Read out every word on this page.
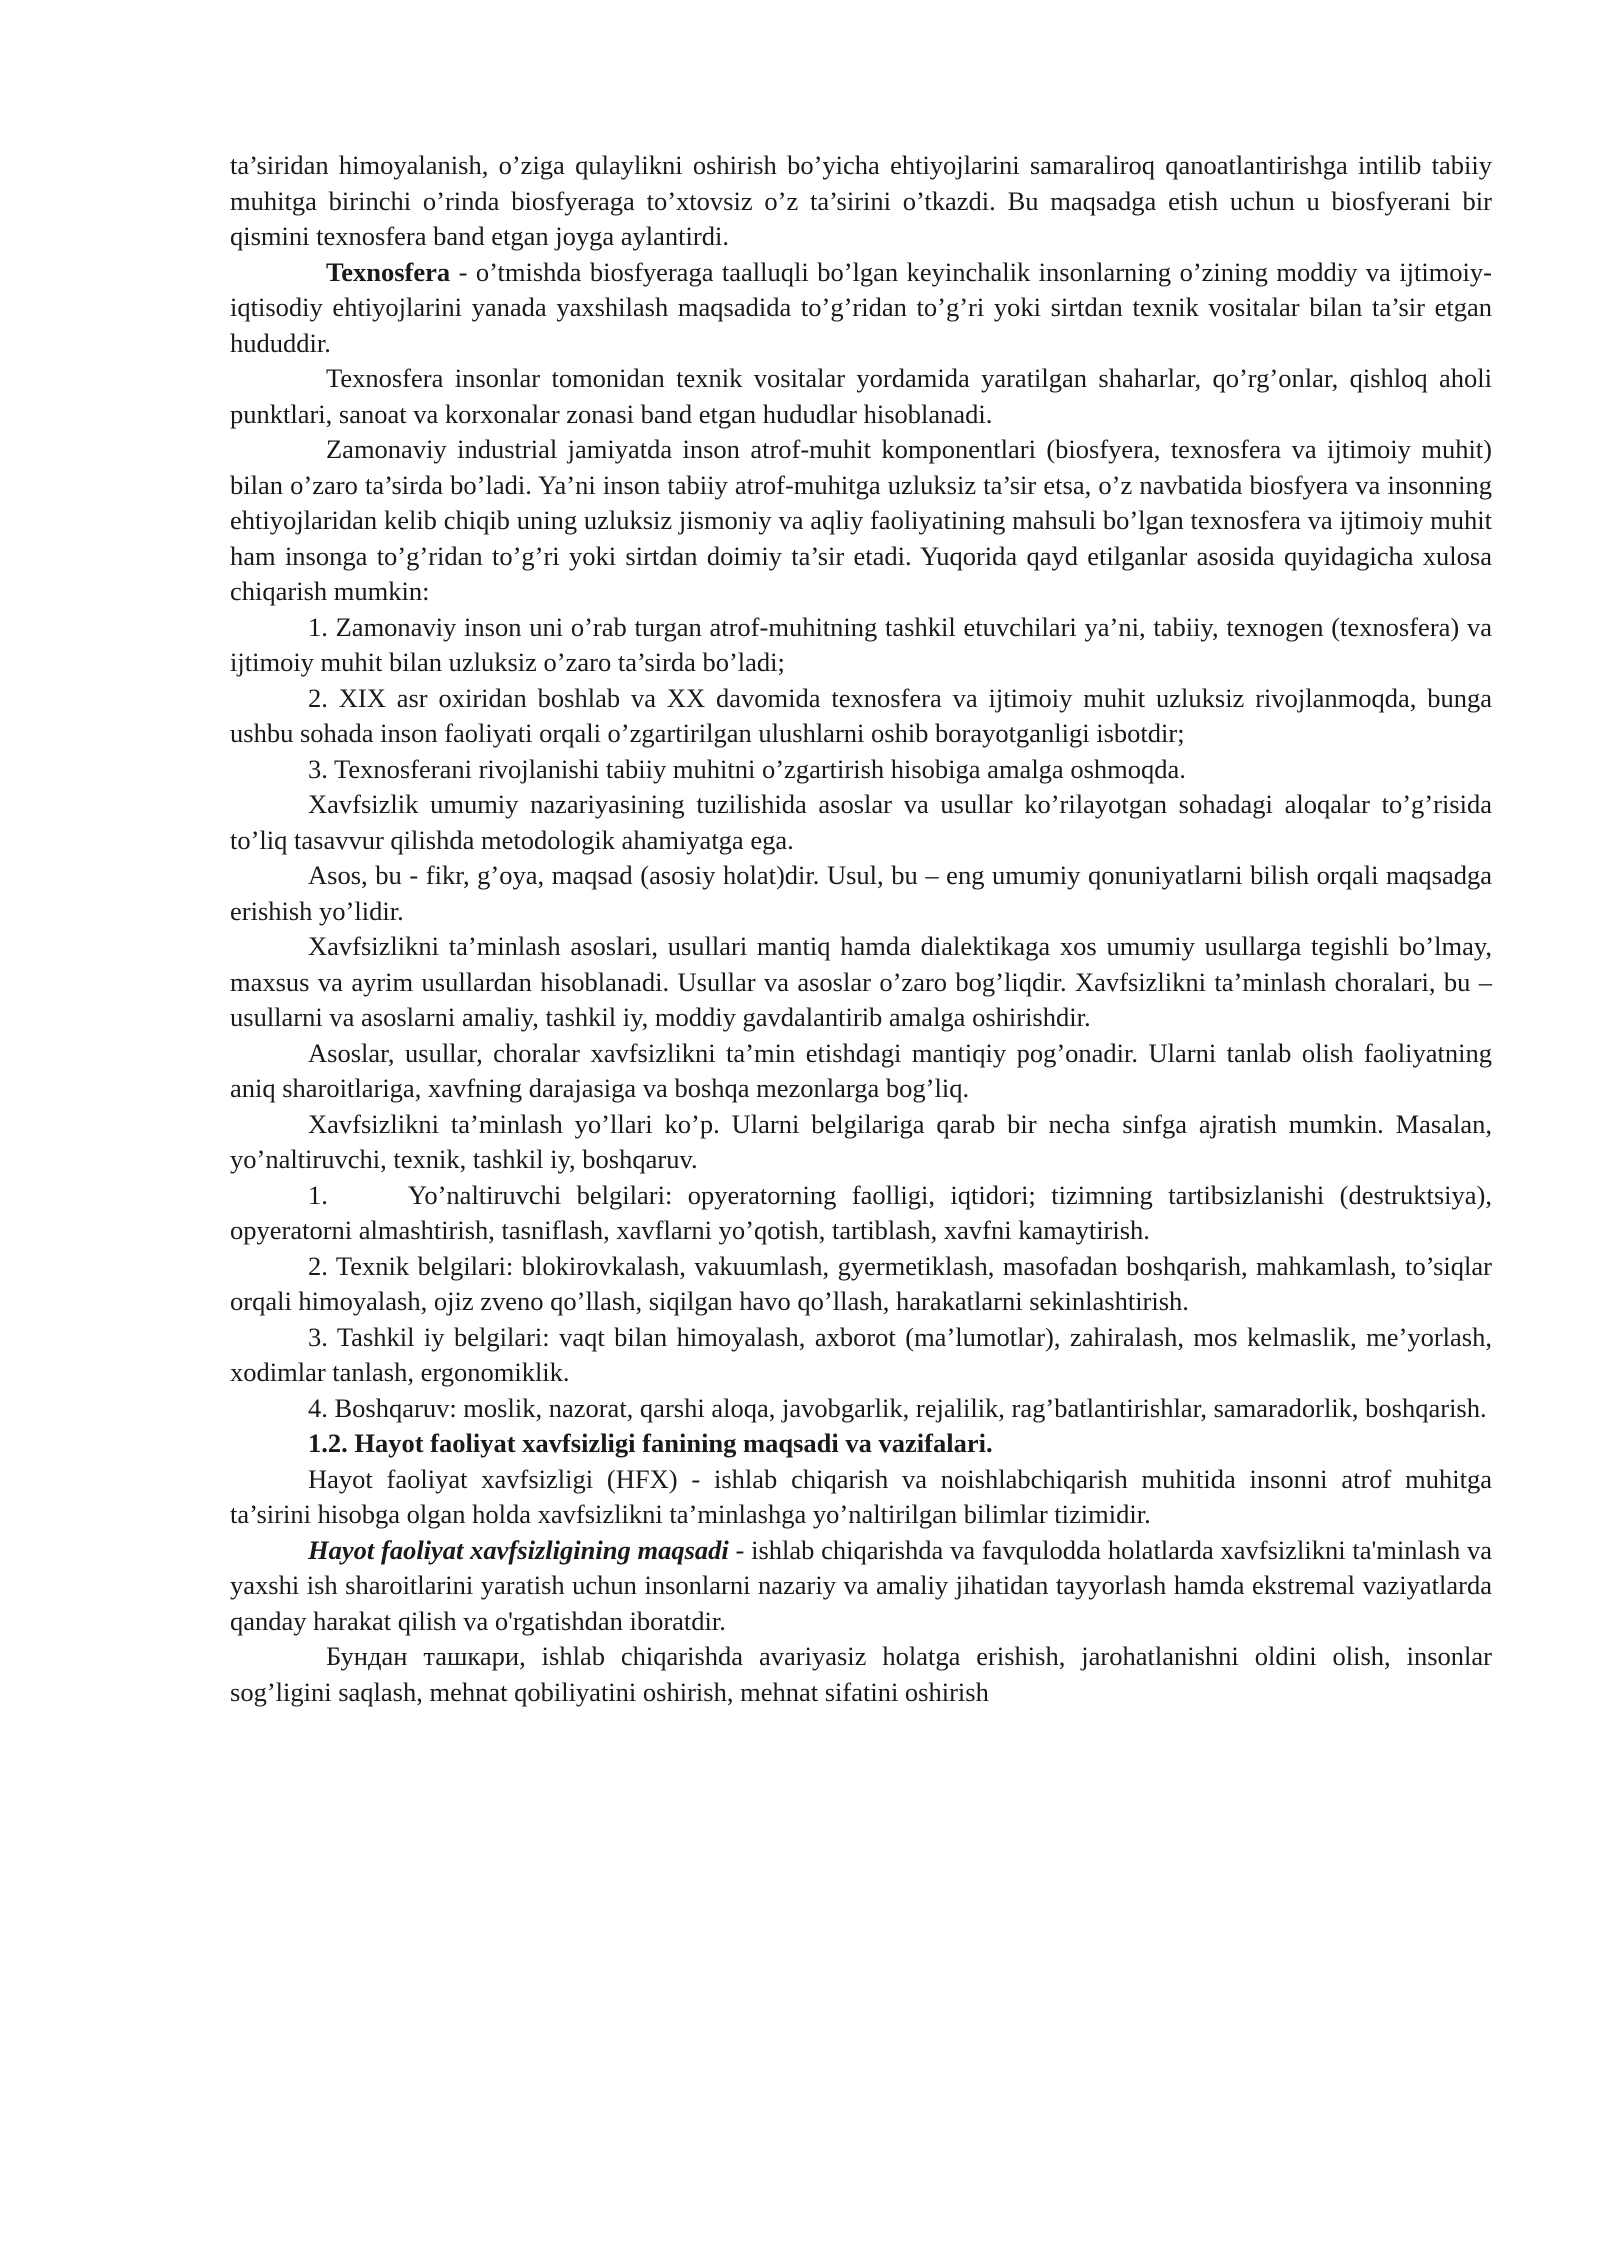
ta’siridan himoyalanish, o’ziga qulaylikni oshirish bo’yicha ehtiyojlarini samaraliroq qanoatlantirishga intilib tabiiy muhitga birinchi o’rinda biosfyeraga to’xtovsiz o’z ta’sirini o’tkazdi. Bu maqsadga etish uchun u biosfyerani bir qismini texnosfera band etgan joyga aylantirdi.

Texnosfera - o’tmishda biosfyeraga taalluqli bo’lgan keyinchalik insonlarning o’zining moddiy va ijtimoiy-iqtisodiy ehtiyojlarini yanada yaxshilash maqsadida to’g’ridan to’g’ri yoki sirtdan texnik vositalar bilan ta’sir etgan hududdir.

Texnosfera insonlar tomonidan texnik vositalar yordamida yaratilgan shaharlar, qo’rg’onlar, qishloq aholi punktlari, sanoat va korxonalar zonasi band etgan hududlar hisoblanadi.

Zamonaviy industrial jamiyatda inson atrof-muhit komponentlari (biosfyera, texnosfera va ijtimoiy muhit) bilan o’zaro ta’sirda bo’ladi. Ya’ni inson tabiiy atrof-muhitga uzluksiz ta’sir etsa, o’z navbatida biosfyera va insonning ehtiyojlaridan kelib chiqib uning uzluksiz jismoniy va aqliy faoliyatining mahsuli bo’lgan texnosfera va ijtimoiy muhit ham insonga to’g’ridan to’g’ri yoki sirtdan doimiy ta’sir etadi. Yuqorida qayd etilganlar asosida quyidagicha xulosa chiqarish mumkin:

1. Zamonaviy inson uni o’rab turgan atrof-muhitning tashkil etuvchilari ya’ni, tabiiy, texnogen (texnosfera) va ijtimoiy muhit bilan uzluksiz o’zaro ta’sirda bo’ladi;

2. XIX asr oxiridan boshlab va XX davomida texnosfera va ijtimoiy muhit uzluksiz rivojlanmoqda, bunga ushbu sohada inson faoliyati orqali o’zgartirilgan ulushlarni oshib borayotganligi isbotdir;

3. Texnosferani rivojlanishi tabiiy muhitni o’zgartirish hisobiga amalga oshmoqda.

Xavfsizlik umumiy nazariyasining tuzilishida asoslar va usullar ko’rilayotgan sohadagi aloqalar to’g’risida to’liq tasavvur qilishda metodologik ahamiyatga ega.

Asos, bu - fikr, g’oya, maqsad (asosiy holat)dir. Usul, bu – eng umumiy qonuniyatlarni bilish orqali maqsadga erishish yo’lidir.

Xavfsizlikni ta’minlash asoslari, usullari mantiq hamda dialektikaga xos umumiy usullarga tegishli bo’lmay, maxsus va ayrim usullardan hisoblanadi. Usullar va asoslar o’zaro bog’liqdir. Xavfsizlikni ta’minlash choralari, bu – usullarni va asoslarni amaliy, tashkil iy, moddiy gavdalantirib amalga oshirishdir.

Asoslar, usullar, choralar xavfsizlikni ta’min etishdagi mantiqiy pog’onadir. Ularni tanlab olish faoliyatning aniq sharoitlariga, xavfning darajasiga va boshqa mezonlarga bog’liq.

Xavfsizlikni ta’minlash yo’llari ko’p. Ularni belgilariga qarab bir necha sinfga ajratish mumkin. Masalan, yo’naltiruvchi, texnik, tashkil iy, boshqaruv.

1.	Yo’naltiruvchi belgilari: opyeratorning faolligi, iqtidori; tizimning tartibsizlanishi (destruktsiya), opyeratorni almashtirish, tasniflash, xavflarni yo’qotish, tartiblash, xavfni kamaytirish.

2. Texnik belgilari: blokirovkalash, vakuumlash, gyermetiklash, masofadan boshqarish, mahkamlash, to’siqlar orqali himoyalash, ojiz zveno qo’llash, siqilgan havo qo’llash, harakatlarni sekinlashtirish.

3. Tashkil iy belgilari: vaqt bilan himoyalash, axborot (ma’lumotlar), zahiralash, mos kelmaslik, me’yorlash, xodimlar tanlash, ergonomiklik.

4. Boshqaruv: moslik, nazorat, qarshi aloqa, javobgarlik, rejalilik, rag’batlantirishlar, samaradorlik, boshqarish.

1.2. Hayot faoliyat xavfsizligi fanining maqsadi va vazifalari.

Hayot faoliyat xavfsizligi (HFX) - ishlab chiqarish va noishlabchiqarish muhitida insonni atrof muhitga ta’sirini hisobga olgan holda xavfsizlikni ta’minlashga yo’naltirilgan bilimlar tizimidir.

Hayot faoliyat xavfsizligining maqsadi - ishlab chiqarishda va favqulodda holatlarda xavfsizlikni ta'minlash va yaxshi ish sharoitlarini yaratish uchun insonlarni nazariy va amaliy jihatidan tayyorlash hamda ekstremal vaziyatlarda qanday harakat qilish va o'rgatishdan iboratdir.

Бундан ташкари, ishlab chiqarishda avariyasiz holatga erishish, jarohatlanishni oldini olish, insonlar sog’ligini saqlash, mehnat qobiliyatini oshirish, mehnat sifatini oshirish
